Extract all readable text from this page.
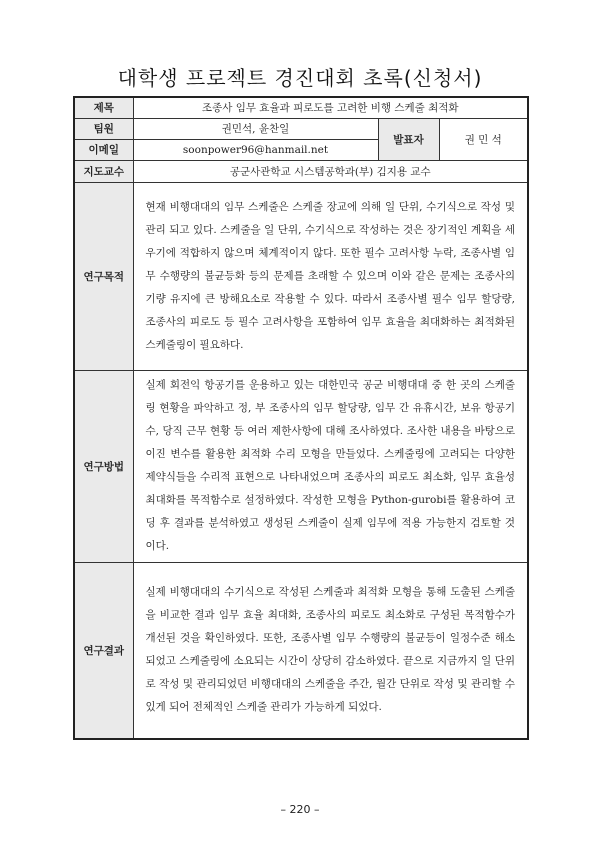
대학생 프로젝트 경진대회 초록(신청서)
제목	조종사 임무 효율과 피로도를 고려한 비행 스케줄 최적화		
팀원	권민석, 윤찬일	발표자	권 민 석
이메일	soonpower96@hanmail.net		
지도교수	공군사관학교 시스템공학과(부) 김지용 교수		
연구목적	현재 비행대대의 임무 스케줄은 스케줄 장교에 의해 일 단위, 수기식으로 작성 및 관리 되고 있다. 스케줄을 일 단위, 수기식으로 작성하는 것은 장기적인 계획을 세우기에 적합하지 않으며 체계적이지 않다. 또한 필수 고려사항 누락, 조종사별 임무 수행량의 불균등화 등의 문제를 초래할 수 있으며 이와 같은 문제는 조종사의 기량 유지에 큰 방해요소로 작용할 수 있다. 따라서 조종사별 필수 임무 할당량, 조종사의 피로도 등 필수 고려사항을 포함하여 임무 효율을 최대화하는 최적화된 스케줄링이 필요하다.		
연구방법	실제 회전익 항공기를 운용하고 있는 대한민국 공군 비행대대 중 한 곳의 스케줄링 현황을 파악하고 정, 부 조종사의 임무 할당량, 임무 간 유휴시간, 보유 항공기 수, 당직 근무 현황 등 여러 제한사항에 대해 조사하였다. 조사한 내용을 바탕으로 이진 변수를 활용한 최적화 수리 모형을 만들었다. 스케줄링에 고려되는 다양한 제약식들을 수리적 표현으로 나타내었으며 조종사의 피로도 최소화, 임무 효율성 최대화를 목적함수로 설정하였다. 작성한 모형을 Python-gurobi를 활용하여 코딩 후 결과를 분석하였고 생성된 스케줄이 실제 임무에 적용 가능한지 검토할 것이다.		
연구결과	실제 비행대대의 수기식으로 작성된 스케줄과 최적화 모형을 통해 도출된 스케줄을 비교한 결과 임무 효율 최대화, 조종사의 피로도 최소화로 구성된 목적함수가 개선된 것을 확인하였다. 또한, 조종사별 임무 수행량의 불균등이 일정수준 해소되었고 스케줄링에 소요되는 시간이 상당히 감소하였다. 끝으로 지금까지 일 단위로 작성 및 관리되었던 비행대대의 스케줄을 주간, 월간 단위로 작성 및 관리할 수 있게 되어 전체적인 스케줄 관리가 가능하게 되었다.		
– 220 –
